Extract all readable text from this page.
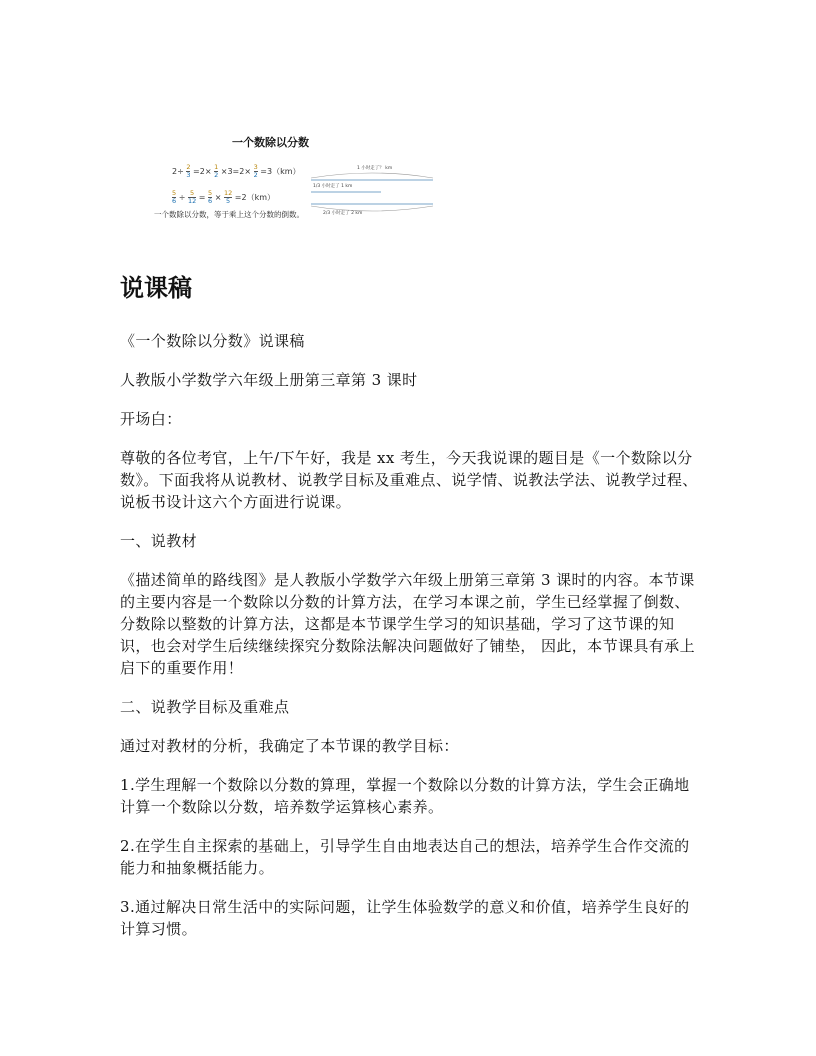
一个数除以分数
$2\div \frac{2}{3} =2\times \frac{1}{2} \times 3=2\times \frac{3}{2} =3(km)$
$\frac{5}{6} \div \frac{5}{12} = \frac{5}{6} \times \frac{12}{5} =2(km)$
一个数除以分数，等于乘上这个分数的倒数。
1 小时走了？ km
1/3 小时走了 1 km
2/3 小时走了 2 km
说课稿

《一个数除以分数》说课稿

人教版小学数学六年级上册第三章第 3 课时

开场白：

尊敬的各位考官，上午/下午好，我是 xx 考生，今天我说课的题目是《一个数除以分数》。下面我将从说教材、说教学目标及重难点、说学情、说教法学法、说教学过程、说板书设计这六个方面进行说课。

一、说教材

《描述简单的路线图》是人教版小学数学六年级上册第三章第 3 课时的内容。本节课的主要内容是一个数除以分数的计算方法，在学习本课之前，学生已经掌握了倒数、分数除以整数的计算方法，这都是本节课学生学习的知识基础，学习了这节课的知识，也会对学生后续继续探究分数除法解决问题做好了铺垫， 因此，本节课具有承上启下的重要作用！

二、说教学目标及重难点

通过对教材的分析，我确定了本节课的教学目标：

1.学生理解一个数除以分数的算理，掌握一个数除以分数的计算方法，学生会正确地计算一个数除以分数，培养数学运算核心素养。

2.在学生自主探索的基础上，引导学生自由地表达自己的想法，培养学生合作交流的能力和抽象概括能力。

3.通过解决日常生活中的实际问题，让学生体验数学的意义和价值，培养学生良好的计算习惯。
